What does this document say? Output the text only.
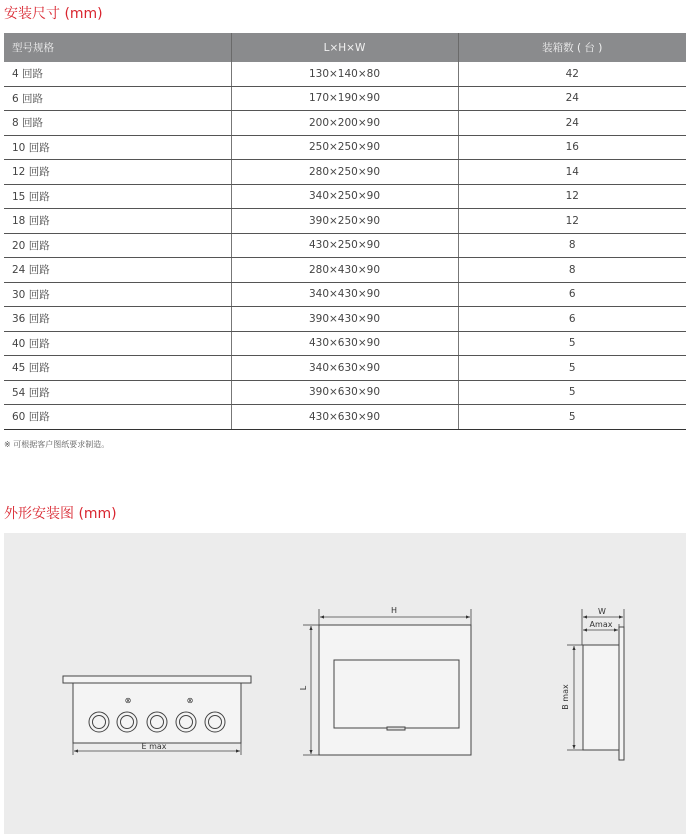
安装尺寸 (mm)
型号规格	L×H×W	装箱数 ( 台 )
4 回路	130×140×80	42
6 回路	170×190×90	24
8 回路	200×200×90	24
10 回路	250×250×90	16
12 回路	280×250×90	14
15 回路	340×250×90	12
18 回路	390×250×90	12
20 回路	430×250×90	8
24 回路	280×430×90	8
30 回路	340×430×90	6
36 回路	390×430×90	6
40 回路	430×630×90	5
45 回路	340×630×90	5
54 回路	390×630×90	5
60 回路	430×630×90	5

※ 可根据客户图纸要求制造。

外形安装图 (mm)
⊗	⊗
E max
H
L
W
Amax
B max
